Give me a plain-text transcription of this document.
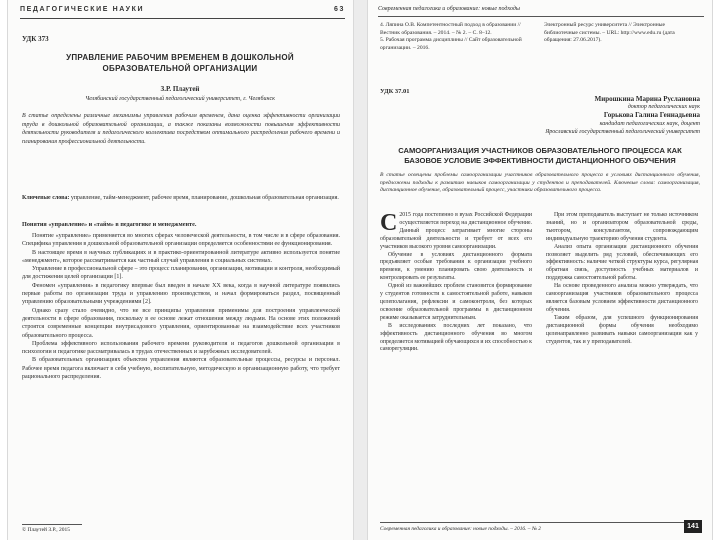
ПЕДАГОГИЧЕСКИЕ НАУКИ	63
УДК 373
УПРАВЛЕНИЕ РАБОЧИМ ВРЕМЕНЕМ В ДОШКОЛЬНОЙ ОБРАЗОВАТЕЛЬНОЙ ОРГАНИЗАЦИИ
З.Р. Плаутей
Челябинский государственный педагогический университет, г. Челябинск
В статье определены различные механизмы управления рабочим временем, дана оценка эффективности организации труда в дошкольной образовательной организации, а также показаны возможности повышения эффективности деятельности руководителя и педагогического коллектива посредством оптимального распределения рабочего времени и планирования профессиональной деятельности.
Ключевые слова: управление, тайм-менеджмент, рабочее время, планирование, дошкольная образовательная организация.
Понятия «управление» и «тайм» в педагогике и менеджменте.

Понятие «управление» применяется во многих сферах человеческой деятельности, в том числе и в сфере образования. Специфика управления в дошкольной образовательной организации определяется особенностями ее функционирования.

В настоящее время в научных публикациях и в практико-ориентированной литературе активно используется понятие «менеджмент», которое рассматривается как частный случай управления в социальных системах.

Управление в профессиональной сфере – это процесс планирования, организации, мотивации и контроля, необходимый для достижения целей организации [1].

Феномен «управления» в педагогику впервые был введен в начале XX века, когда в научной литературе появились первые работы по организации труда и управлению производством, и начал формироваться раздел, посвященный управлению образовательными учреждениями [2].

Однако сразу стало очевидно, что не все принципы управления применимы для построения управленческой деятельности в сфере образования, поскольку в ее основе лежат отношения между людьми. На основе этих положений строятся современные концепции внутрисадового управления, ориентированные на взаимодействие всех участников образовательного процесса.

Проблема эффективного использования рабочего времени руководителя и педагогов дошкольной организации в психологии и педагогике рассматривалась в трудах отечественных и зарубежных исследователей.

В образовательных организациях объектом управления являются образовательные процессы, ресурсы и персонал. Рабочее время педагога включает в себя учебную, воспитательную, методическую и организационную работу, что требует рационального распределения.

© Плаутей З.Р., 2015
Современная педагогика и образование: новые подходы
4. Ляпина О.В. Компетентностный подход в образовании // Вестник образования. – 2014. – № 2. – С. 8–12.
5. Рабочая программа дисциплины // Сайт образовательной организации. – 2016.
Электронный ресурс университета // Электронные библиотечные системы. – URL: http://www.edu.ru (дата обращения: 27.06.2017).
УДК 37.01
Мирошкина Марина Руслановна
доктор педагогических наук
Горькова Галина Геннадьевна
кандидат педагогических наук, доцент
Ярославский государственный педагогический университет
САМООРГАНИЗАЦИЯ УЧАСТНИКОВ ОБРАЗОВАТЕЛЬНОГО ПРОЦЕССА КАК БАЗОВОЕ УСЛОВИЕ ЭФФЕКТИВНОСТИ ДИСТАНЦИОННОГО ОБУЧЕНИЯ
В статье освещены проблемы самоорганизации участников образовательного процесса в условиях дистанционного обучения, предложены подходы к развитию навыков самоорганизации у студентов и преподавателей. Ключевые слова: самоорганизация, дистанционное обучение, образовательный процесс, участники образовательного процесса.

С 2015 года постепенно в вузах Российской Федерации осуществляется переход на дистанционное обучение. Данный процесс затрагивает многие стороны образовательной деятельности и требует от всех его участников высокого уровня самоорганизации.

Обучение в условиях дистанционного формата предъявляет особые требования к организации учебного времени, к умению планировать свою деятельность и контролировать ее результаты.

Одной из важнейших проблем становится формирование у студентов готовности к самостоятельной работе, навыков целеполагания, рефлексии и самоконтроля, без которых освоение образовательной программы в дистанционном режиме оказывается затруднительным.

В исследованиях последних лет показано, что эффективность дистанционного обучения во многом определяется мотивацией обучающихся и их способностью к саморегуляции.

При этом преподаватель выступает не только источником знаний, но и организатором образовательной среды, тьютором, консультантом, сопровождающим индивидуальную траекторию обучения студента.

Анализ опыта организации дистанционного обучения позволяет выделить ряд условий, обеспечивающих его эффективность: наличие четкой структуры курса, регулярная обратная связь, доступность учебных материалов и поддержка самостоятельной работы.

На основе проведенного анализа можно утверждать, что самоорганизация участников образовательного процесса является базовым условием эффективности дистанционного обучения.

Таким образом, для успешного функционирования дистанционной формы обучения необходимо целенаправленно развивать навыки самоорганизации как у студентов, так и у преподавателей.

Современная педагогика и образование: новые подходы. – 2016. – № 2	141
